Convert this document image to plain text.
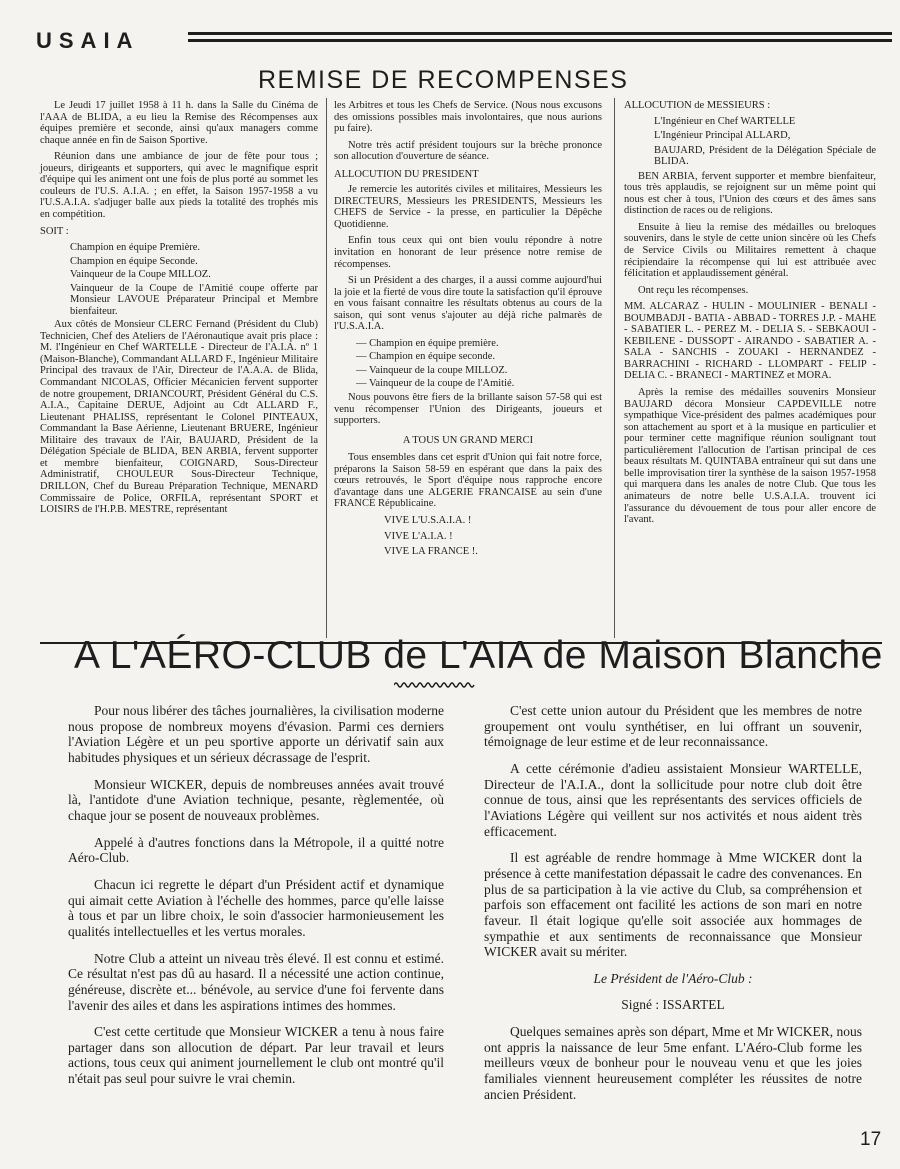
USAIA
REMISE DE RECOMPENSES

Le Jeudi 17 juillet 1958 à 11 h. dans la Salle du Cinéma de l'AAA de BLIDA, a eu lieu la Remise des Récompenses aux équipes première et seconde, ainsi qu'aux managers comme chaque année en fin de Saison Sportive.

Réunion dans une ambiance de jour de fête pour tous ; joueurs, dirigeants et supporters, qui avec le magnifique esprit d'équipe qui les animent ont une fois de plus porté au sommet les couleurs de l'U.S. A.I.A. ; en effet, la Saison 1957-1958 a vu l'U.S.A.I.A. s'adjuger balle aux pieds la totalité des trophés mis en compétition.

SOIT :

Champion en équipe Première.

Champion en équipe Seconde.

Vainqueur de la Coupe MILLOZ.

Vainqueur de la Coupe de l'Amitié coupe offerte par Monsieur LAVOUE Préparateur Principal et Membre bienfaiteur.

Aux côtés de Monsieur CLERC Fernand (Président du Club) Technicien, Chef des Ateliers de l'Aéronautique avait pris place : M. l'Ingénieur en Chef WARTELLE - Directeur de l'A.I.A. nº 1 (Maison-Blanche), Commandant ALLARD F., Ingénieur Militaire Principal des travaux de l'Air, Directeur de l'A.A.A. de Blida, Commandant NICOLAS, Officier Mécanicien fervent supporter de notre groupement, DRIANCOURT, Président Général du C.S. A.I.A., Capitaine DERUE, Adjoint au Cdt ALLARD F., Lieutenant PHALISS, représentant le Colonel PINTEAUX, Commandant la Base Aérienne, Lieutenant BRUERE, Ingénieur Militaire des travaux de l'Air, BAUJARD, Président de la Délégation Spéciale de BLIDA, BEN ARBIA, fervent supporter et membre bienfaiteur, COIGNARD, Sous-Directeur Administratif, CHOULEUR Sous-Directeur Technique, DRILLON, Chef du Bureau Préparation Technique, MENARD Commissaire de Police, ORFILA, représentant SPORT et LOISIRS de l'H.P.B. MESTRE, représentant

les Arbitres et tous les Chefs de Service. (Nous nous excusons des omissions possibles mais involontaires, que nous aurions pu faire).

Notre très actif président toujours sur la brèche prononce son allocution d'ouverture de séance.

ALLOCUTION DU PRESIDENT

Je remercie les autorités civiles et militaires, Messieurs les DIRECTEURS, Messieurs les PRESIDENTS, Messieurs les CHEFS de Service - la presse, en particulier la Dêpêche Quotidienne.

Enfin tous ceux qui ont bien voulu répondre à notre invitation en honorant de leur présence notre remise de récompenses.

Si un Président a des charges, il a aussi comme aujourd'hui la joie et la fierté de vous dire toute la satisfaction qu'il éprouve en vous faisant connaitre les résultats obtenus au cours de la saison, qui sont venus s'ajouter au déjà riche palmarès de l'U.S.A.I.A.

— Champion en équipe première.

— Champion en équipe seconde.

— Vainqueur de la coupe MILLOZ.

— Vainqueur de la coupe de l'Amitié.

Nous pouvons être fiers de la brillante saison 57-58 qui est venu récompenser l'Union des Dirigeants, joueurs et supporters.

A TOUS UN GRAND MERCI

Tous ensembles dans cet esprit d'Union qui fait notre force, préparons la Saison 58-59 en espérant que dans la paix des cœurs retrouvés, le Sport d'équipe nous rapproche encore d'avantage dans une ALGERIE FRANCAISE au sein d'une FRANCE Républicaine.

VIVE L'U.S.A.I.A. !

VIVE L'A.I.A. !

VIVE LA FRANCE !.

ALLOCUTION de MESSIEURS :

L'Ingénieur en Chef WARTELLE

L'Ingénieur Principal ALLARD,

BAUJARD, Président de la Délégation Spéciale de BLIDA.

BEN ARBIA, fervent supporter et membre bienfaiteur, tous très applaudis, se rejoignent sur un même point qui nous est cher à tous, l'Union des cœurs et des âmes sans distinction de races ou de religions.

Ensuite à lieu la remise des médailles ou breloques souvenirs, dans le style de cette union sincère où les Chefs de Service Civils ou Militaires remettent à chaque récipiendaire la récompense qui lui est attribuée avec félicitation et applaudissement général.

Ont reçu les récompenses.

MM. ALCARAZ - HULIN - MOULINIER - BENALI - BOUMBADJI - BATIA - ABBAD - TORRES J.P. - MAHE - SABATIER L. - PEREZ M. - DELIA S. - SEBKAOUI - KEBILENE - DUSSOPT - AIRANDO - SABATIER A. - SALA - SANCHIS - ZOUAKI - HERNANDEZ - BARRACHINI - RICHARD - LLOMPART - FELIP - DELIA C. - BRANECI - MARTINEZ et MORA.

Après la remise des médailles souvenirs Monsieur BAUJARD décora Monsieur CAPDEVILLE notre sympathique Vice-président des palmes académiques pour son attachement au sport et à la musique en particulier et pour terminer cette magnifique réunion soulignant tout particulièrement l'allocution de l'artisan principal de ces beaux résultats M. QUINTABA entraîneur qui sut dans une belle improvisation tirer la synthèse de la saison 1957-1958 qui marquera dans les anales de notre Club. Que tous les animateurs de notre belle U.S.A.I.A. trouvent ici l'assurance du dévouement de tous pour aller encore de l'avant.

A L'AÉRO-CLUB de L'AIA de Maison Blanche

Pour nous libérer des tâches journalières, la civilisation moderne nous propose de nombreux moyens d'évasion. Parmi ces derniers l'Aviation Légère et un peu sportive apporte un dérivatif sain aux habitudes physiques et un sérieux décrassage de l'esprit.

Monsieur WICKER, depuis de nombreuses années avait trouvé là, l'antidote d'une Aviation technique, pesante, règlementée, où chaque jour se posent de nouveaux problèmes.

Appelé à d'autres fonctions dans la Métropole, il a quitté notre Aéro-Club.

Chacun ici regrette le départ d'un Président actif et dynamique qui aimait cette Aviation à l'échelle des hommes, parce qu'elle laisse à tous et par un libre choix, le soin d'associer harmonieusement les qualités intellectuelles et les vertus morales.

Notre Club a atteint un niveau très élevé. Il est connu et estimé. Ce résultat n'est pas dû au hasard. Il a nécessité une action continue, généreuse, discrète et... bénévole, au service d'une foi fervente dans l'avenir des ailes et dans les aspirations intimes des hommes.

C'est cette certitude que Monsieur WICKER a tenu à nous faire partager dans son allocution de départ. Par leur travail et leurs actions, tous ceux qui animent journellement le club ont montré qu'il n'était pas seul pour suivre le vrai chemin.

C'est cette union autour du Président que les membres de notre groupement ont voulu synthétiser, en lui offrant un souvenir, témoignage de leur estime et de leur reconnaissance.

A cette cérémonie d'adieu assistaient Monsieur WARTELLE, Directeur de l'A.I.A., dont la sollicitude pour notre club doit être connue de tous, ainsi que les représentants des services officiels de l'Aviations Légère qui veillent sur nos activités et nous aident très efficacement.

Il est agréable de rendre hommage à Mme WICKER dont la présence à cette manifestation dépassait le cadre des convenances. En plus de sa participation à la vie active du Club, sa compréhension et parfois son effacement ont facilité les actions de son mari en notre faveur. Il était logique qu'elle soit associée aux hommages de sympathie et aux sentiments de reconnaissance que Monsieur WICKER avait su mériter.

Le Président de l'Aéro-Club :

Signé : ISSARTEL

Quelques semaines après son départ, Mme et Mr WICKER, nous ont appris la naissance de leur 5me enfant. L'Aéro-Club forme les meilleurs vœux de bonheur pour le nouveau venu et que les joies familiales viennent heureusement compléter les réussites de notre ancien Président.

17
